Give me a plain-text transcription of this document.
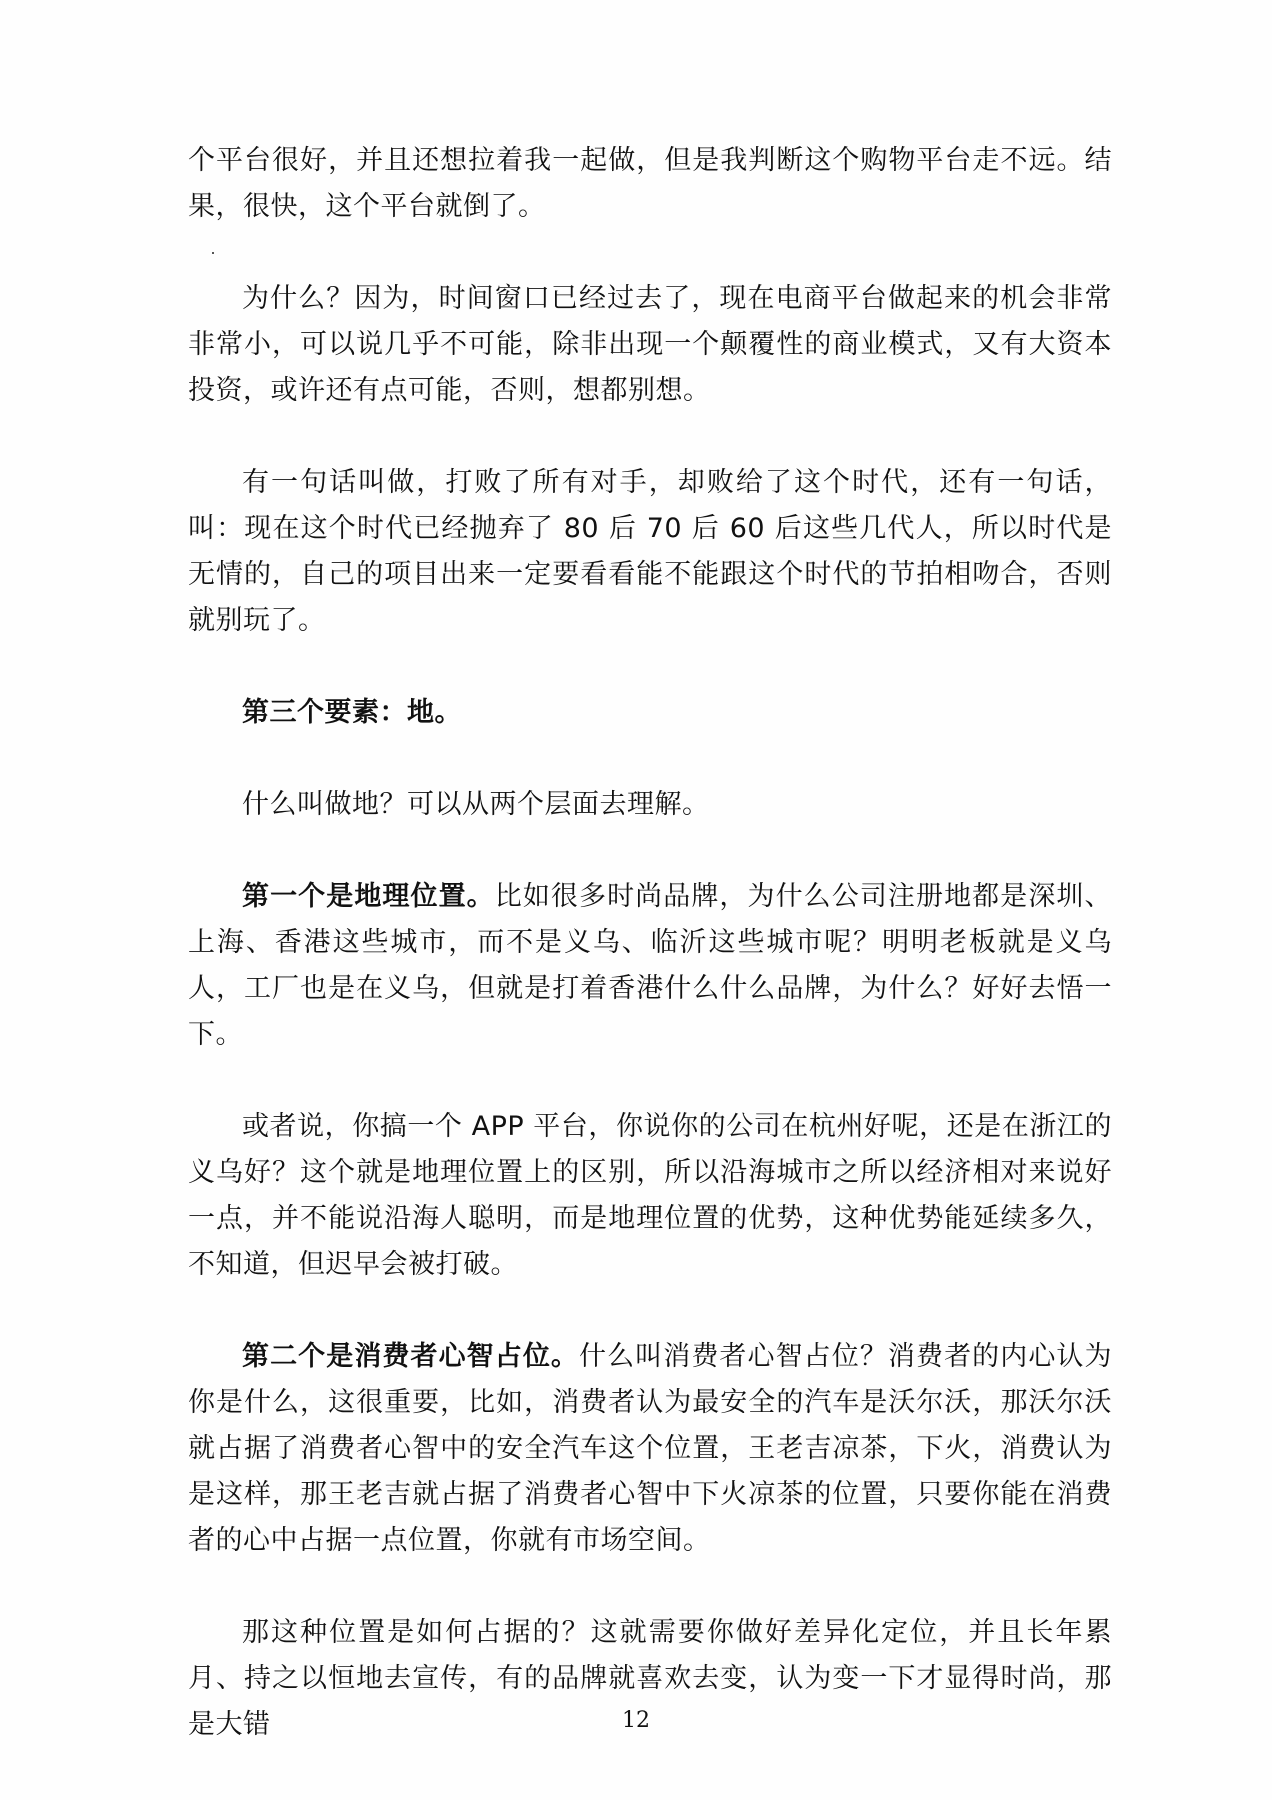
个平台很好，并且还想拉着我一起做，但是我判断这个购物平台走不远。结果，很快，这个平台就倒了。

为什么？因为，时间窗口已经过去了，现在电商平台做起来的机会非常非常小，可以说几乎不可能，除非出现一个颠覆性的商业模式，又有大资本投资，或许还有点可能，否则，想都别想。

有一句话叫做，打败了所有对手，却败给了这个时代，还有一句话，叫：现在这个时代已经抛弃了 80 后 70 后 60 后这些几代人，所以时代是无情的，自己的项目出来一定要看看能不能跟这个时代的节拍相吻合，否则就别玩了。

第三个要素：地。

什么叫做地？可以从两个层面去理解。

第一个是地理位置。比如很多时尚品牌，为什么公司注册地都是深圳、上海、香港这些城市，而不是义乌、临沂这些城市呢？明明老板就是义乌人，工厂也是在义乌，但就是打着香港什么什么品牌，为什么？好好去悟一下。

或者说，你搞一个 APP 平台，你说你的公司在杭州好呢，还是在浙江的义乌好？这个就是地理位置上的区别，所以沿海城市之所以经济相对来说好一点，并不能说沿海人聪明，而是地理位置的优势，这种优势能延续多久，不知道，但迟早会被打破。

第二个是消费者心智占位。什么叫消费者心智占位？消费者的内心认为你是什么，这很重要，比如，消费者认为最安全的汽车是沃尔沃，那沃尔沃就占据了消费者心智中的安全汽车这个位置，王老吉凉茶，下火，消费认为是这样，那王老吉就占据了消费者心智中下火凉茶的位置，只要你能在消费者的心中占据一点位置，你就有市场空间。

那这种位置是如何占据的？这就需要你做好差异化定位，并且长年累月、持之以恒地去宣传，有的品牌就喜欢去变，认为变一下才显得时尚，那是大错	12
